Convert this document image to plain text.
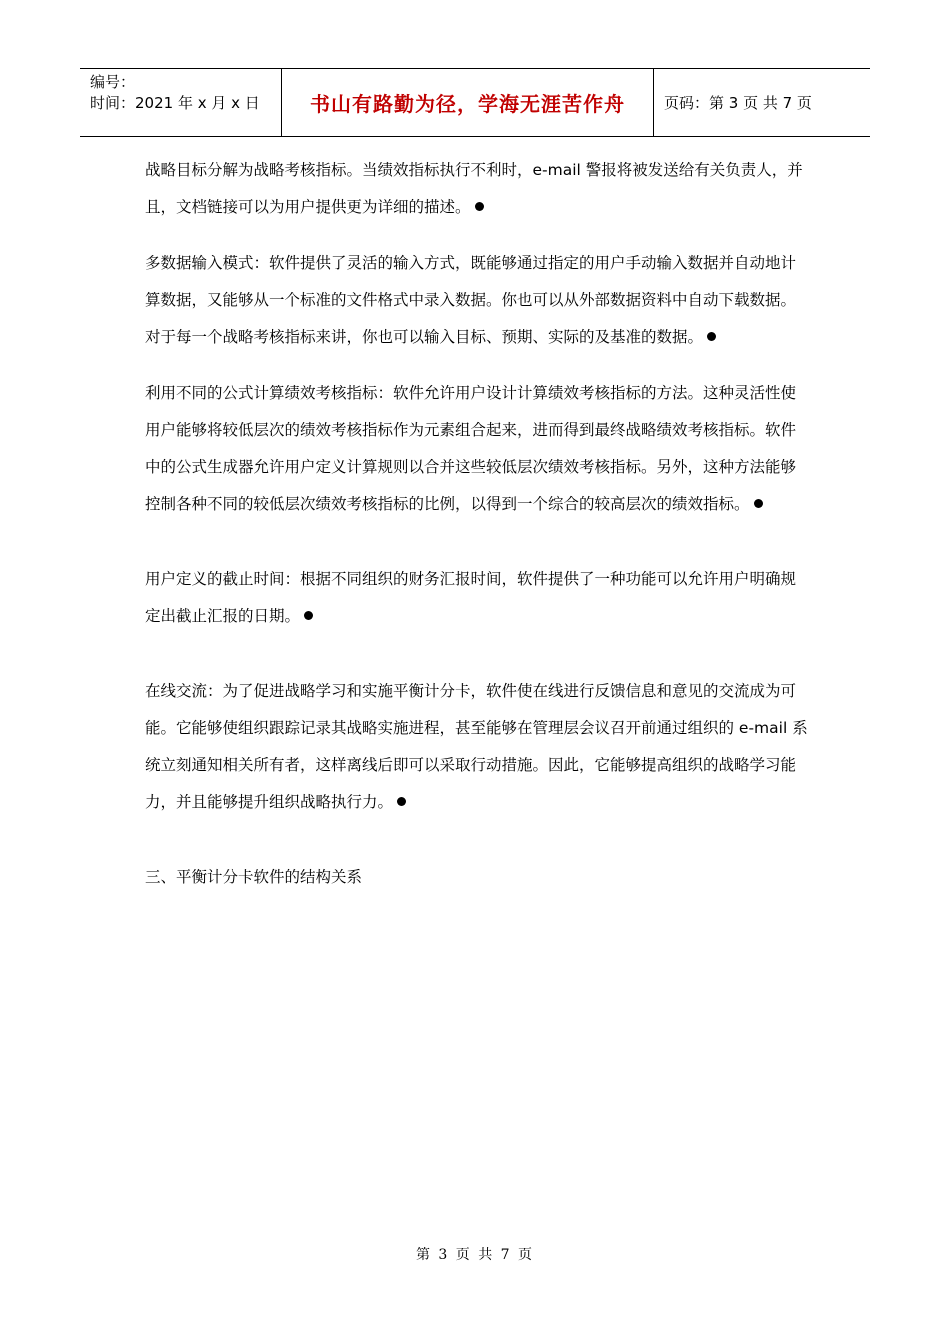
编号：
时间：2021 年 x 月 x 日	书山有路勤为径，学海无涯苦作舟	页码：第 3 页 共 7 页

战略目标分解为战略考核指标。当绩效指标执行不利时，e-mail 警报将被发送给有关负责人，并且，文档链接可以为用户提供更为详细的描述。

多数据输入模式：软件提供了灵活的输入方式，既能够通过指定的用户手动输入数据并自动地计算数据，又能够从一个标准的文件格式中录入数据。你也可以从外部数据资料中自动下载数据。对于每一个战略考核指标来讲，你也可以输入目标、预期、实际的及基准的数据。

利用不同的公式计算绩效考核指标：软件允许用户设计计算绩效考核指标的方法。这种灵活性使用户能够将较低层次的绩效考核指标作为元素组合起来，进而得到最终战略绩效考核指标。软件中的公式生成器允许用户定义计算规则以合并这些较低层次绩效考核指标。另外，这种方法能够控制各种不同的较低层次绩效考核指标的比例，以得到一个综合的较高层次的绩效指标。

用户定义的截止时间：根据不同组织的财务汇报时间，软件提供了一种功能可以允许用户明确规定出截止汇报的日期。

在线交流：为了促进战略学习和实施平衡计分卡，软件使在线进行反馈信息和意见的交流成为可能。它能够使组织跟踪记录其战略实施进程，甚至能够在管理层会议召开前通过组织的 e-mail 系统立刻通知相关所有者，这样离线后即可以采取行动措施。因此，它能够提高组织的战略学习能力，并且能够提升组织战略执行力。

三、平衡计分卡软件的结构关系

第 3 页 共 7 页
